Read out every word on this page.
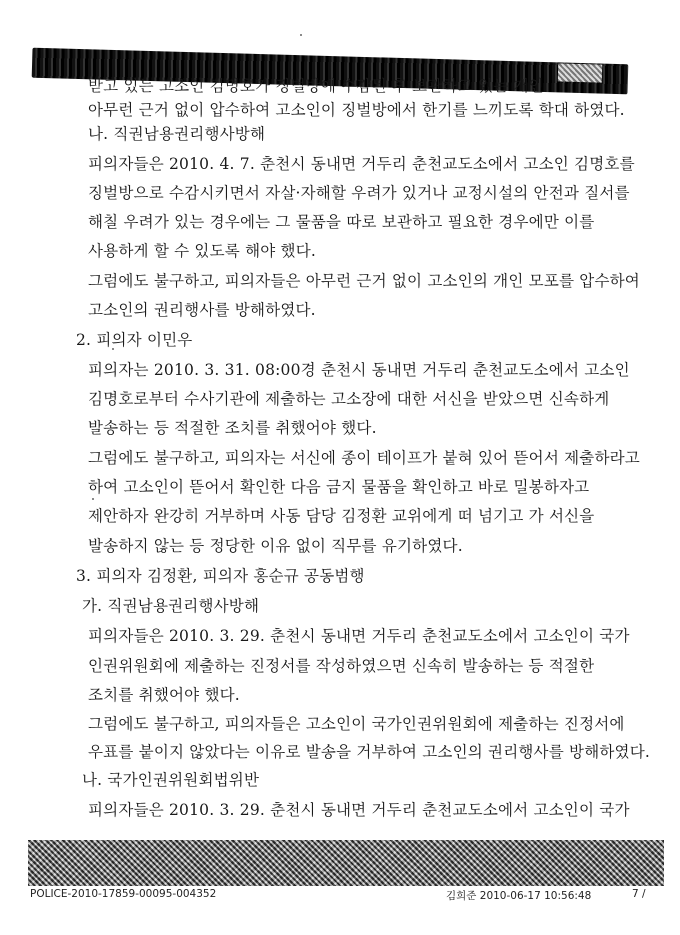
받고 있는 고소인 김명호가 징벌방에 수감된 후 보관하고 있는 개인
아무런 근거 없이 압수하여 고소인이 징벌방에서 한기를 느끼도록 학대 하였다.
나. 직권남용권리행사방해
피의자들은 2010. 4. 7. 춘천시 동내면 거두리 춘천교도소에서 고소인 김명호를
징벌방으로 수감시키면서 자살·자해할 우려가 있거나 교정시설의 안전과 질서를
해칠 우려가 있는 경우에는 그 물품을 따로 보관하고 필요한 경우에만 이를
사용하게 할 수 있도록 해야 했다.
그럼에도 불구하고, 피의자들은 아무런 근거 없이 고소인의 개인 모포를 압수하여
고소인의 권리행사를 방해하였다.
2. 피의자 이민우
피의자는 2010. 3. 31. 08:00경 춘천시 동내면 거두리 춘천교도소에서 고소인
김명호로부터 수사기관에 제출하는 고소장에 대한 서신을 받았으면 신속하게
발송하는 등 적절한 조치를 취했어야 했다.
그럼에도 불구하고, 피의자는 서신에 종이 테이프가 붙혀 있어 뜯어서 제출하라고
하여 고소인이 뜯어서 확인한 다음 금지 물품을 확인하고 바로 밀봉하자고
제안하자 완강히 거부하며 사동 담당 김정환 교위에게 떠 넘기고 가 서신을
발송하지 않는 등 정당한 이유 없이 직무를 유기하였다.
3. 피의자 김정환, 피의자 홍순규 공동범행
가. 직권남용권리행사방해
피의자들은 2010. 3. 29. 춘천시 동내면 거두리 춘천교도소에서 고소인이 국가
인권위원회에 제출하는 진정서를 작성하였으면 신속히 발송하는 등 적절한
조치를 취했어야 했다.
그럼에도 불구하고, 피의자들은 고소인이 국가인권위원회에 제출하는 진정서에
우표를 붙이지 않았다는 이유로 발송을 거부하여 고소인의 권리행사를 방해하였다.
나. 국가인권위원회법위반
피의자들은 2010. 3. 29. 춘천시 동내면 거두리 춘천교도소에서 고소인이 국가
POLICE-2010-17859-00095-004352	김희준 2010-06-17 10:56:48	7 /
